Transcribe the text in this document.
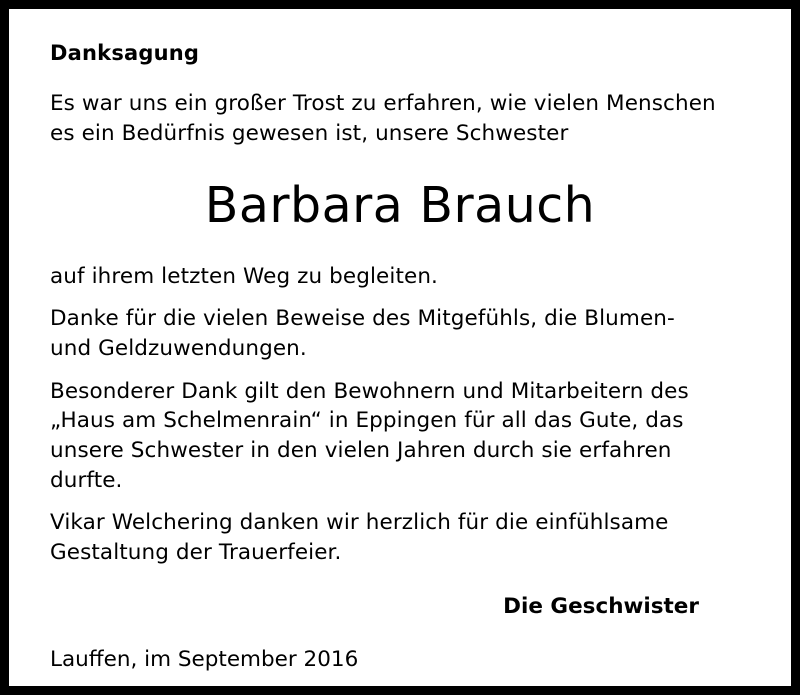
Danksagung
Es war uns ein großer Trost zu erfahren, wie vielen Menschen
es ein Bedürfnis gewesen ist, unsere Schwester
Barbara Brauch
auf ihrem letzten Weg zu begleiten.
Danke für die vielen Beweise des Mitgefühls, die Blumen-
und Geldzuwendungen.
Besonderer Dank gilt den Bewohnern und Mitarbeitern des
„Haus am Schelmenrain“ in Eppingen für all das Gute, das
unsere Schwester in den vielen Jahren durch sie erfahren
durfte.
Vikar Welchering danken wir herzlich für die einfühlsame
Gestaltung der Trauerfeier.
Die Geschwister
Lauffen, im September 2016
